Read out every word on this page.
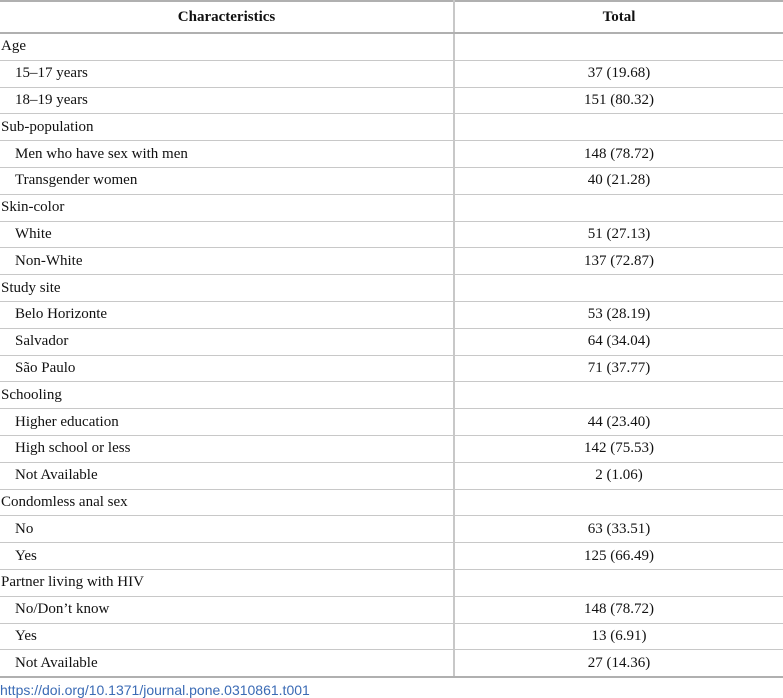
Characteristics	Total
Age	
15–17 years	37 (19.68)
18–19 years	151 (80.32)
Sub-population	
Men who have sex with men	148 (78.72)
Transgender women	40 (21.28)
Skin-color	
White	51 (27.13)
Non-White	137 (72.87)
Study site	
Belo Horizonte	53 (28.19)
Salvador	64 (34.04)
São Paulo	71 (37.77)
Schooling	
Higher education	44 (23.40)
High school or less	142 (75.53)
Not Available	2 (1.06)
Condomless anal sex	
No	63 (33.51)
Yes	125 (66.49)
Partner living with HIV	
No/Don’t know	148 (78.72)
Yes	13 (6.91)
Not Available	27 (14.36)
https://doi.org/10.1371/journal.pone.0310861.t001
